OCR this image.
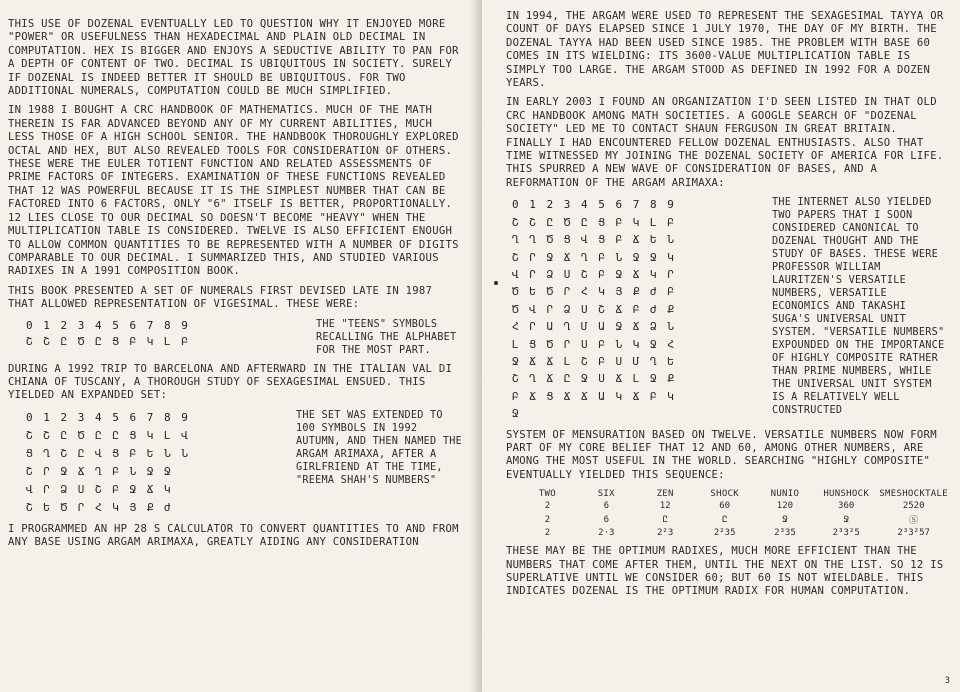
THIS USE OF DOZENAL EVENTUALLY LED TO QUESTION WHY IT ENJOYED MORE "POWER" OR USEFULNESS THAN HEXADECIMAL AND PLAIN OLD DECIMAL IN COMPUTATION. HEX IS BIGGER AND ENJOYS A SEDUCTIVE ABILITY TO PAN FOR A DEPTH OF CONTENT OF TWO. DECIMAL IS UBIQUITOUS IN SOCIETY. SURELY IF DOZENAL IS INDEED BETTER IT SHOULD BE UBIQUITOUS. FOR TWO ADDITIONAL NUMERALS, COMPUTATION COULD BE MUCH SIMPLIFIED.

IN 1988 I BOUGHT A CRC HANDBOOK OF MATHEMATICS. MUCH OF THE MATH THEREIN IS FAR ADVANCED BEYOND ANY OF MY CURRENT ABILITIES, MUCH LESS THOSE OF A HIGH SCHOOL SENIOR. THE HANDBOOK THOROUGHLY EXPLORED OCTAL AND HEX, BUT ALSO REVEALED TOOLS FOR CONSIDERATION OF OTHERS. THESE WERE THE EULER TOTIENT FUNCTION AND RELATED ASSESSMENTS OF PRIME FACTORS OF INTEGERS. EXAMINATION OF THESE FUNCTIONS REVEALED THAT 12 WAS POWERFUL BECAUSE IT IS THE SIMPLEST NUMBER THAT CAN BE FACTORED INTO 6 FACTORS, ONLY "6" ITSELF IS BETTER, PROPORTIONALLY. 12 LIES CLOSE TO OUR DECIMAL SO DOESN'T BECOME "HEAVY" WHEN THE MULTIPLICATION TABLE IS CONSIDERED. TWELVE IS ALSO EFFICIENT ENOUGH TO ALLOW COMMON QUANTITIES TO BE REPRESENTED WITH A NUMBER OF DIGITS COMPARABLE TO OUR DECIMAL. I SUMMARIZED THIS, AND STUDIED VARIOUS RADIXES IN A 1991 COMPOSITION BOOK.

THIS BOOK PRESENTED A SET OF NUMERALS FIRST DEVISED LATE IN 1987 THAT ALLOWED REPRESENTATION OF VIGESIMAL. THESE WERE:

0 1 2 3 4 5 6 7 8 9
Շ Շ Ը Ծ Ը Ց Բ Կ Լ Բ

THE "TEENS" SYMBOLS RECALLING THE ALPHABET FOR THE MOST PART.

DURING A 1992 TRIP TO BARCELONA AND AFTERWARD IN THE ITALIAN VAL DI CHIANA OF TUSCANY, A THOROUGH STUDY OF SEXAGESIMAL ENSUED. THIS YIELDED AN EXPANDED SET:

0 1 2 3 4 5 6 7 8 9
Շ Շ Ը Ծ Ը Ը Ց Կ Լ Վ
Ց Ղ Շ Ը Վ Ց Բ Ե Ն Ն
Շ Ր Ջ Ճ Ղ Բ Ն Ջ Ջ
Վ Ր Ձ Ս Շ Բ Ջ Ճ Կ
Շ Ե Ծ Ր Հ Կ Յ Ք Ժ

THE SET WAS EXTENDED TO 100 SYMBOLS IN 1992 AUTUMN, AND THEN NAMED THE ARGAM ARIMAXA, AFTER A GIRLFRIEND AT THE TIME, "REEMA SHAH'S NUMBERS"

I PROGRAMMED AN HP 28 S CALCULATOR TO CONVERT QUANTITIES TO AND FROM ANY BASE USING ARGAM ARIMAXA, GREATLY AIDING ANY CONSIDERATION

IN 1994, THE ARGAM WERE USED TO REPRESENT THE SEXAGESIMAL TAYYA OR COUNT OF DAYS ELAPSED SINCE 1 JULY 1970, THE DAY OF MY BIRTH. THE DOZENAL TAYYA HAD BEEN USED SINCE 1985. THE PROBLEM WITH BASE 60 COMES IN ITS WIELDING: ITS 3600-VALUE MULTIPLICATION TABLE IS SIMPLY TOO LARGE. THE ARGAM STOOD AS DEFINED IN 1992 FOR A DOZEN YEARS.

IN EARLY 2003 I FOUND AN ORGANIZATION I'D SEEN LISTED IN THAT OLD CRC HANDBOOK AMONG MATH SOCIETIES. A GOOGLE SEARCH OF "DOZENAL SOCIETY" LED ME TO CONTACT SHAUN FERGUSON IN GREAT BRITAIN. FINALLY I HAD ENCOUNTERED FELLOW DOZENAL ENTHUSIASTS. ALSO THAT TIME WITNESSED MY JOINING THE DOZENAL SOCIETY OF AMERICA FOR LIFE. THIS SPURRED A NEW WAVE OF CONSIDERATION OF BASES, AND A REFORMATION OF THE ARGAM ARIMAXA:

0 1 2 3 4 5 6 7 8 9
Շ Շ Ը Ծ Ը Ց Բ Կ Լ Բ
Ղ Ղ Ծ Ց Վ Ց Բ Ճ Ե Ն
Շ Ր Ջ Ճ Ղ Բ Ն Ջ Ջ Կ
Վ Ր Ձ Ս Շ Բ Ջ Ճ Կ Ր
Ծ Ե Ծ Ր Հ Կ Յ Ք Ժ Բ
Ծ Վ Ր Ձ Ս Շ Ճ Բ Ժ Ք
Հ Ր Ա Ղ Մ Ա Ջ Ճ Ձ Ն
Լ Ց Ծ Ր Ս Բ Ն Կ Ջ Հ
Ջ Ճ Ճ Լ Շ Բ Ս Մ Ղ Ե
Շ Ղ Ճ Ը Ջ Ս Ճ Լ Ջ Ք
Բ Ճ Ց Ճ Ճ Ա Կ Ճ Բ Կ
Ջ

THE INTERNET ALSO YIELDED TWO PAPERS THAT I SOON CONSIDERED CANONICAL TO DOZENAL THOUGHT AND THE STUDY OF BASES. THESE WERE PROFESSOR WILLIAM LAURITZEN'S VERSATILE NUMBERS, VERSATILE ECONOMICS AND TAKASHI SUGA'S UNIVERSAL UNIT SYSTEM. "VERSATILE NUMBERS" EXPOUNDED ON THE IMPORTANCE OF HIGHLY COMPOSITE RATHER THAN PRIME NUMBERS, WHILE THE UNIVERSAL UNIT SYSTEM IS A RELATIVELY WELL CONSTRUCTED

SYSTEM OF MENSURATION BASED ON TWELVE. VERSATILE NUMBERS NOW FORM PART OF MY CORE BELIEF THAT 12 AND 60, AMONG OTHER NUMBERS, ARE AMONG THE MOST USEFUL IN THE WORLD. SEARCHING "HIGHLY COMPOSITE" EVENTUALLY YIELDED THIS SEQUENCE:

TWO	SIX	ZEN	SHOCK	NUNIO	HUNSHOCK	SMESHOCKTALE
2	6	12	60	120	360	2520
2	6	Ը	Ը	Ջ	Ջ	Ⓢ
2	2·3	2²3	2²35	2³35	2³3²5	2³3²57

THESE MAY BE THE OPTIMUM RADIXES, MUCH MORE EFFICIENT THAN THE NUMBERS THAT COME AFTER THEM, UNTIL THE NEXT ON THE LIST. SO 12 IS SUPERLATIVE UNTIL WE CONSIDER 60; BUT 60 IS NOT WIELDABLE. THIS INDICATES DOZENAL IS THE OPTIMUM RADIX FOR HUMAN COMPUTATION.

3
